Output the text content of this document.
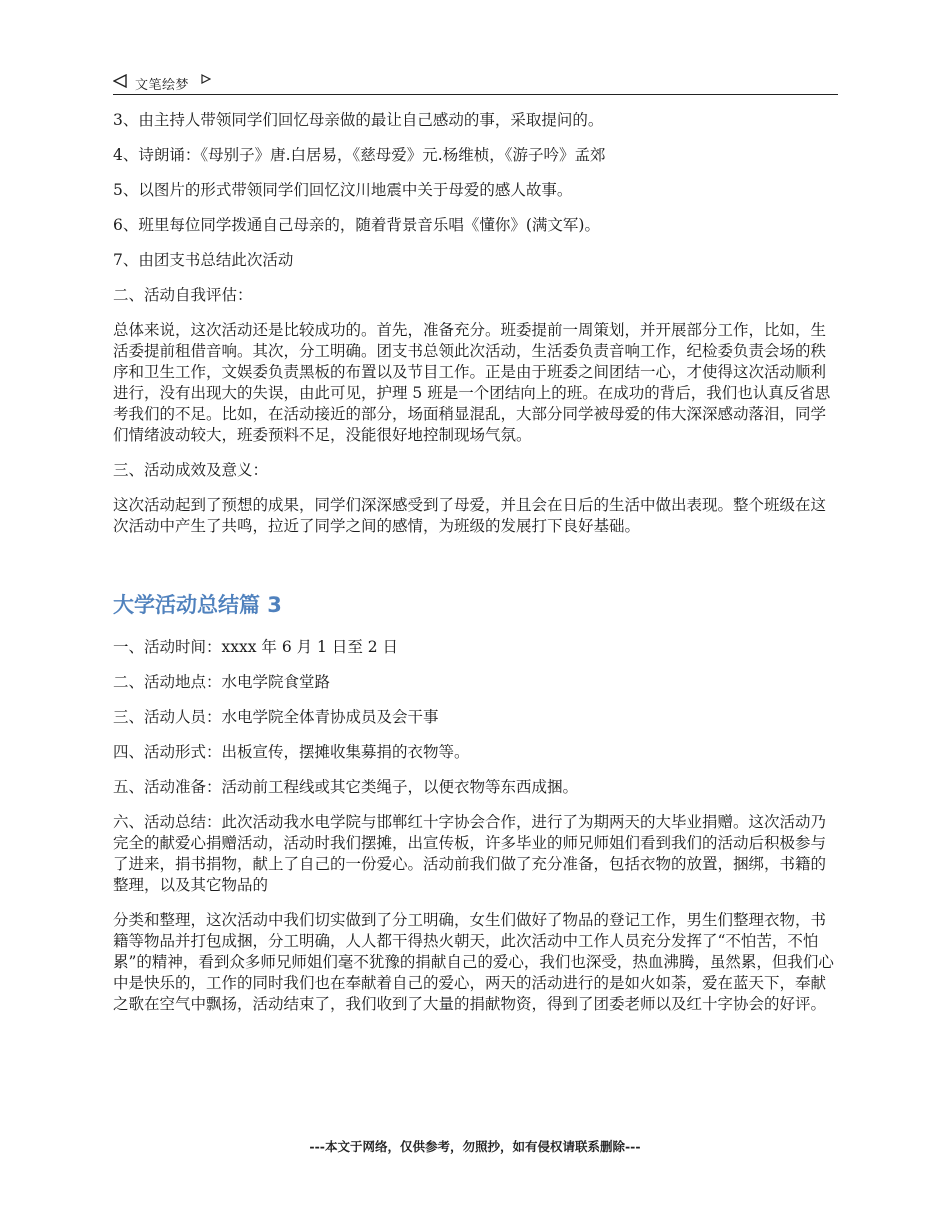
文笔绘梦

3、由主持人带领同学们回忆母亲做的最让自己感动的事，采取提问的。

4、诗朗诵：《母别子》唐.白居易，《慈母爱》元.杨维桢，《游子吟》孟郊

5、以图片的形式带领同学们回忆汶川地震中关于母爱的感人故事。

6、班里每位同学拨通自己母亲的，随着背景音乐唱《懂你》(满文军)。

7、由团支书总结此次活动

二、活动自我评估：

总体来说，这次活动还是比较成功的。首先，准备充分。班委提前一周策划，并开展部分工作，比如，生活委提前租借音响。其次，分工明确。团支书总领此次活动，生活委负责音响工作，纪检委负责会场的秩序和卫生工作，文娱委负责黑板的布置以及节目工作。正是由于班委之间团结一心，才使得这次活动顺利进行，没有出现大的失误，由此可见，护理 5 班是一个团结向上的班。在成功的背后，我们也认真反省思考我们的不足。比如，在活动接近的部分，场面稍显混乱，大部分同学被母爱的伟大深深感动落泪，同学们情绪波动较大，班委预料不足，没能很好地控制现场气氛。

三、活动成效及意义：

这次活动起到了预想的成果，同学们深深感受到了母爱，并且会在日后的生活中做出表现。整个班级在这次活动中产生了共鸣，拉近了同学之间的感情，为班级的发展打下良好基础。

大学活动总结篇 3

一、活动时间：xxxx 年 6 月 1 日至 2 日

二、活动地点：水电学院食堂路

三、活动人员：水电学院全体青协成员及会干事

四、活动形式：出板宣传，摆摊收集募捐的衣物等。

五、活动准备：活动前工程线或其它类绳子，以便衣物等东西成捆。

六、活动总结：此次活动我水电学院与邯郸红十字协会合作，进行了为期两天的大毕业捐赠。这次活动乃完全的献爱心捐赠活动，活动时我们摆摊，出宣传板，许多毕业的师兄师姐们看到我们的活动后积极参与了进来，捐书捐物，献上了自己的一份爱心。活动前我们做了充分准备，包括衣物的放置，捆绑，书籍的整理，以及其它物品的

分类和整理，这次活动中我们切实做到了分工明确，女生们做好了物品的登记工作，男生们整理衣物，书籍等物品并打包成捆，分工明确，人人都干得热火朝天，此次活动中工作人员充分发挥了“不怕苦，不怕累”的精神，看到众多师兄师姐们毫不犹豫的捐献自己的爱心，我们也深受，热血沸腾，虽然累，但我们心中是快乐的，工作的同时我们也在奉献着自己的爱心，两天的活动进行的是如火如荼，爱在蓝天下，奉献之歌在空气中飘扬，活动结束了，我们收到了大量的捐献物资，得到了团委老师以及红十字协会的好评。

---本文于网络，仅供参考，勿照抄，如有侵权请联系删除---
